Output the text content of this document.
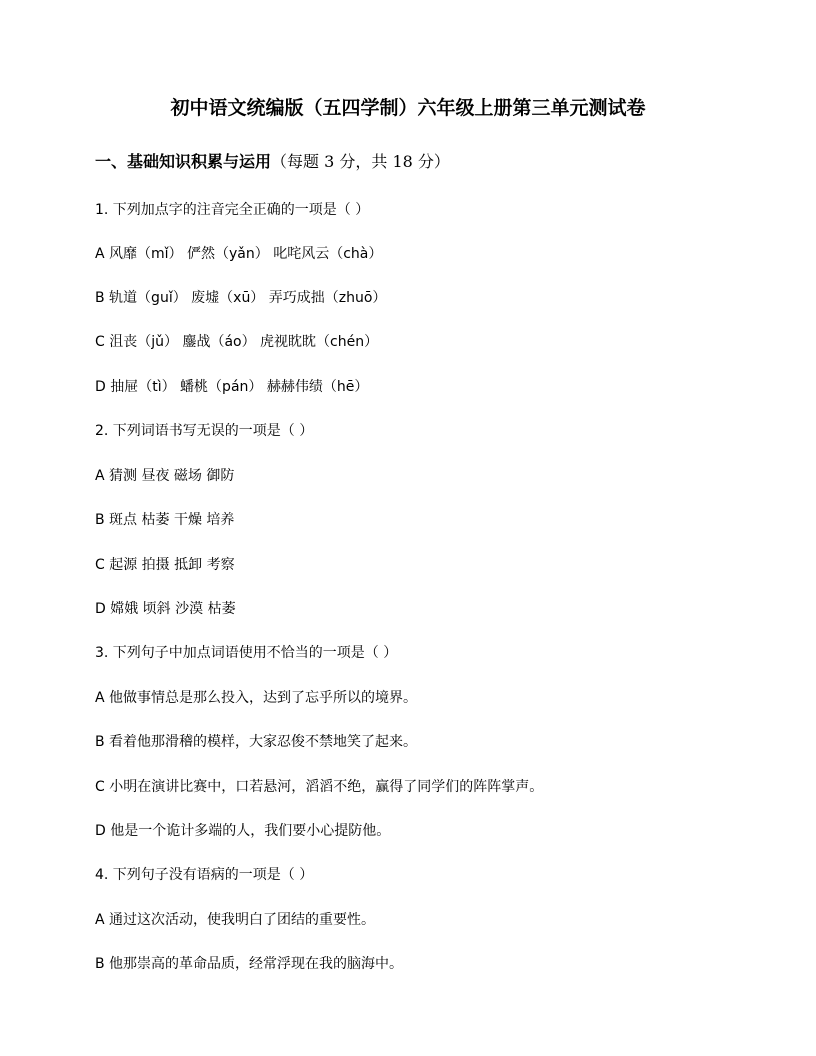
初中语文统编版（五四学制）六年级上册第三单元测试卷
一、基础知识积累与运用（每题 3 分，共 18 分）
1. 下列加点字的注音完全正确的一项是（ ）
A 风靡（mǐ） 俨然（yǎn） 叱咤风云（chà）
B 轨道（guǐ） 废墟（xū） 弄巧成拙（zhuō）
C 沮丧（jǔ） 鏖战（áo） 虎视眈眈（chén）
D 抽屉（tì） 蟠桃（pán） 赫赫伟绩（hē）
2. 下列词语书写无误的一项是（ ）
A 猜测 昼夜 磁场 御防
B 斑点 枯萎 干燥 培养
C 起源 拍摄 抵卸 考察
D 嫦娥 顷斜 沙漠 枯萎
3. 下列句子中加点词语使用不恰当的一项是（ ）
A 他做事情总是那么投入，达到了忘乎所以的境界。
B 看着他那滑稽的模样，大家忍俊不禁地笑了起来。
C 小明在演讲比赛中，口若悬河，滔滔不绝，赢得了同学们的阵阵掌声。
D 他是一个诡计多端的人，我们要小心提防他。
4. 下列句子没有语病的一项是（ ）
A 通过这次活动，使我明白了团结的重要性。
B 他那崇高的革命品质，经常浮现在我的脑海中。
